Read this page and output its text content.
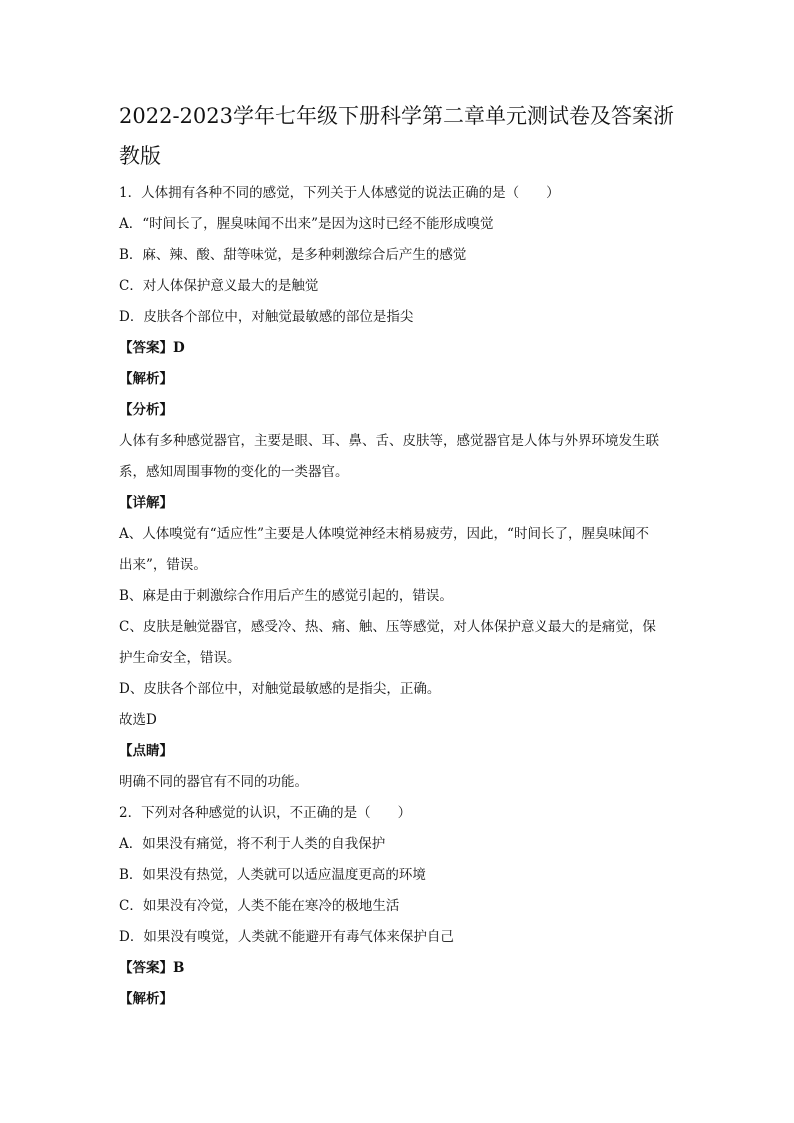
2022-2023学年七年级下册科学第二章单元测试卷及答案浙

教版

1．人体拥有各种不同的感觉，下列关于人体感觉的说法正确的是（　　）

A．“时间长了，腥臭味闻不出来”是因为这时已经不能形成嗅觉

B．麻、辣、酸、甜等味觉，是多种刺激综合后产生的感觉

C．对人体保护意义最大的是触觉

D．皮肤各个部位中，对触觉最敏感的部位是指尖

【答案】D

【解析】

【分析】

人体有多种感觉器官，主要是眼、耳、鼻、舌、皮肤等，感觉器官是人体与外界环境发生联

系，感知周围事物的变化的一类器官。

【详解】

A、人体嗅觉有“适应性”主要是人体嗅觉神经末梢易疲劳，因此，“时间长了，腥臭味闻不

出来”，错误。

B、麻是由于刺激综合作用后产生的感觉引起的，错误。

C、皮肤是触觉器官，感受冷、热、痛、触、压等感觉，对人体保护意义最大的是痛觉，保

护生命安全，错误。

D、皮肤各个部位中，对触觉最敏感的是指尖，正确。

故选D

【点睛】

明确不同的器官有不同的功能。

2．下列对各种感觉的认识，不正确的是（　　）

A．如果没有痛觉，将不利于人类的自我保护

B．如果没有热觉，人类就可以适应温度更高的环境

C．如果没有冷觉，人类不能在寒冷的极地生活

D．如果没有嗅觉，人类就不能避开有毒气体来保护自己

【答案】B

【解析】
